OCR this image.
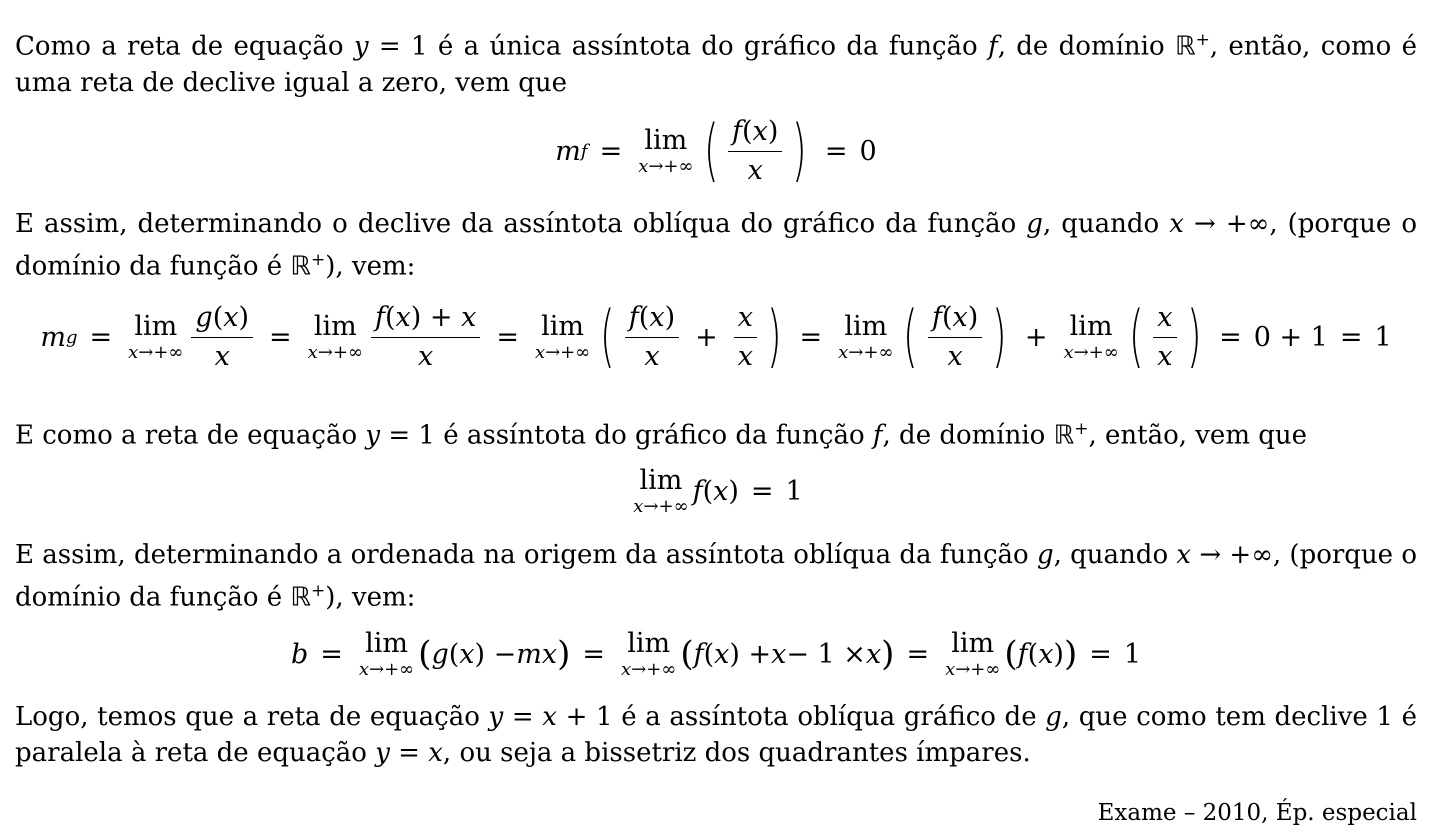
Como a reta de equação y = 1 é a única assíntota do gráfico da função f, de domínio ℝ+, então, como é uma reta de declive igual a zero, vem que

m f = lim
x→+∞ ( $\frac{f(x)}{x}$ ) = 0

E assim, determinando o declive da assíntota oblíqua do gráfico da função g, quando x → +∞, (porque o domínio da função é ℝ+), vem:

m g = lim
$x\to+\infty \frac{g(x)}{x} = \lim$
$x\to+\infty \frac{f(x) + x}{x} = \lim$
x→+∞ ( $\frac{f(x)}{x} + \frac{x}{x}$ ) = lim
x→+∞ ( $\frac{f(x)}{x}$ ) + lim
x→+∞ ( $\frac{x}{x}$ ) = 0 + 1 = 1

E como a reta de equação y = 1 é assíntota do gráfico da função f, de domínio ℝ+, então, vem que

lim
x→+∞ f ( x ) = 1

E assim, determinando a ordenada na origem da assíntota oblíqua da função g, quando x → +∞, (porque o domínio da função é ℝ+), vem:

b = lim
x→+∞ ( g ( x ) − mx ) = lim
x→+∞ ( f ( x ) + x − 1 × x ) = lim
x→+∞ ( f ( x ) ) = 1

Logo, temos que a reta de equação y = x + 1 é a assíntota oblíqua gráfico de g, que como tem declive 1 é paralela à reta de equação y = x, ou seja a bissetriz dos quadrantes ímpares.

Exame – 2010, Ép. especial
